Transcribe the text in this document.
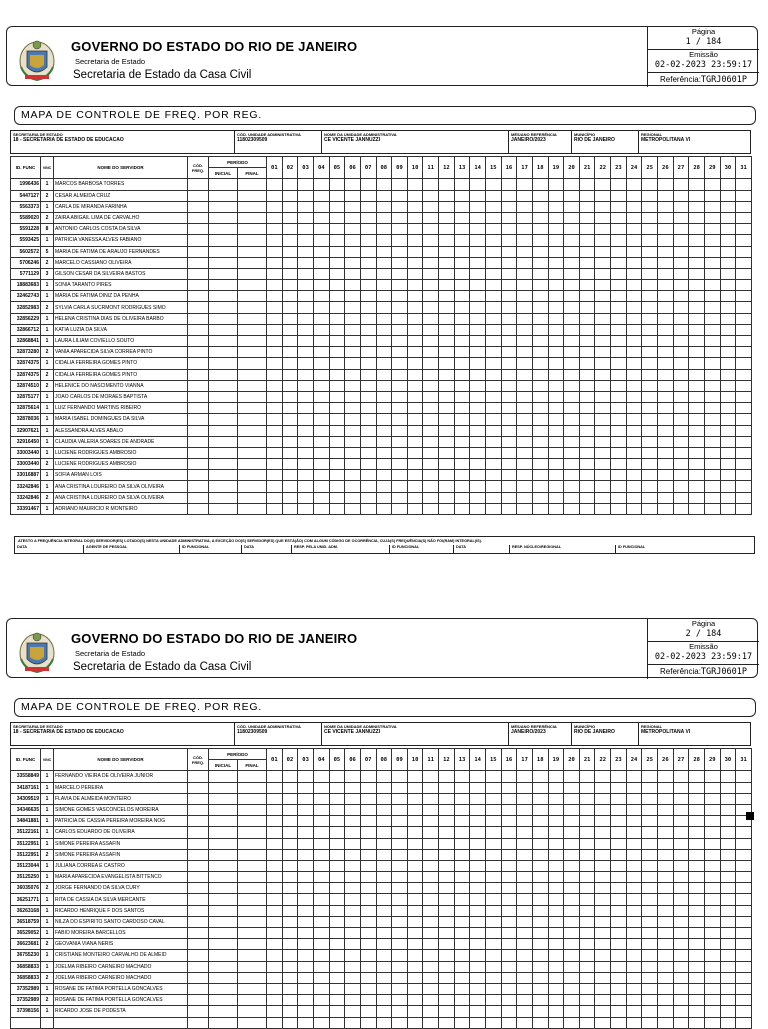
GOVERNO DO ESTADO DO RIO DE JANEIRO
Secretaria de Estado
Secretaria de Estado da Casa Civil
Página
1 / 184
Emissão
02-02-2023 23:59:17
Referência:TGRJ0601P
MAPA DE CONTROLE DE FREQ. POR REG.
SECRETARIA DE ESTADO
18 - SECRETARIA DE ESTADO DE EDUCACAO
CÓD. UNIDADE ADMINISTRATIVA
11802309509
NOME DA UNIDADE ADMINISTRATIVA
CE VICENTE JANNUZZI
MÊS/ANO REFERÊNCIA
JANEIRO/2023
MUNICÍPIO
RIO DE JANEIRO
REGIONAL
METROPOLITANA VI
ID. FUNC	VINC	NOME DO SERVIDOR	CÓD. FREQ.	PERÍODO		01	02	03	04	05	06	07	08	09	10	11	12	13	14	15	16	17	18	19	20	21	22	23	24	25	26	27	28	29	30	31
				INICIAL	FINAL																															
1996436	1	MARCOS BARBOSA TORRES																																		
5447127	2	CESAR ALMEIDA CRUZ																																		
5563373	1	CARLA DE MIRANDA FARINHA																																		
5589020	2	ZAIRA ABIGAIL LIMA DE CARVALHO																																		
5591228	8	ANTONIO CARLOS COSTA DA SILVA																																		
5593425	1	PATRICIA VANESSA ALVES FABIANO																																		
5602572	5	MARIA DE FATIMA DE ARAUJO FERNANDES																																		
5706246	2	MARCELO CASSIANO OLIVEIRA																																		
5771129	3	GILSON CESAR DA SILVEIRA BASTOS																																		
18883683	1	SONIA TARANTO PIRES																																		
32462743	1	MARIA DE FATIMA DINIZ DA PENHA																																		
32852983	2	SYLVIA CARLA SUCRMONT RODRIGUES SIMO																																		
32856229	1	HELENA CRISTINA DIAS DE OLIVEIRA BARBO																																		
32866712	1	KATIA LUZIA DA SILVA																																		
32868841	1	LAURA LILIAM COVIELLO SOUTO																																		
32873280	2	VANIA APARECIDA SILVA CORREA PINTO																																		
32874375	1	CIDALIA FERREIRA GOMES PINTO																																		
32874375	2	CIDALIA FERREIRA GOMES PINTO																																		
32874510	2	HELENICE DO NASCIMENTO VIANNA																																		
32875177	1	JOAO CARLOS DE MORAES BAPTISTA																																		
32875614	1	LUIZ FERNANDO MARTINS RIBEIRO																																		
32878036	1	MARIA ISABEL DOMINGUES DA SILVA																																		
32907621	1	ALESSANDRA ALVES ABALO																																		
32916450	1	CLAUDIA VALERIA SOARES DE ANDRADE																																		
33003440	1	LUCIENE RODRIGUES AMBROSIO																																		
33003440	2	LUCIENE RODRIGUES AMBROSIO																																		
33016887	1	SOFIA ARMAN LOIS																																		
33242846	1	ANA CRISTINA LOUREIRO DA SILVA OLIVEIRA																																		
33242846	2	ANA CRISTINA LOUREIRO DA SILVA OLIVEIRA																																		
33391467	1	ADRIANO MAURICIO R MONTEIRO																																		
ATESTO A FREQUÊNCIA INTEGRAL DO(S) SERVIDOR(ES) LOTADO(S) NESTA UNIDADE ADMINISTRATIVA, A EXCEÇÃO DO(S) SERVIDOR(ES) QUE ESTÁ(ÃO) COM ALGUM CÓDIGO DE OCORRÊNCIA, CUJA(S) FREQUÊNCIA(S) NÃO FOI(RAM) INTEGRAL(IS).
DATA	AGENTE DE PESSOAL	ID FUNCIONAL	DATA	RESP. PELA UNID. ADM.	ID FUNCIONAL	DATA	RESP. NÚCLEO/REGIONAL	ID FUNCIONAL
GOVERNO DO ESTADO DO RIO DE JANEIRO
Secretaria de Estado
Secretaria de Estado da Casa Civil
Página
2 / 184
Emissão
02-02-2023 23:59:17
Referência:TGRJ0601P
MAPA DE CONTROLE DE FREQ. POR REG.
SECRETARIA DE ESTADO
18 - SECRETARIA DE ESTADO DE EDUCACAO
CÓD. UNIDADE ADMINISTRATIVA
11802309509
NOME DA UNIDADE ADMINISTRATIVA
CE VICENTE JANNUZZI
MÊS/ANO REFERÊNCIA
JANEIRO/2023
MUNICÍPIO
RIO DE JANEIRO
REGIONAL
METROPOLITANA VI
ID. FUNC	VINC	NOME DO SERVIDOR	CÓD. FREQ.	PERÍODO		01	02	03	04	05	06	07	08	09	10	11	12	13	14	15	16	17	18	19	20	21	22	23	24	25	26	27	28	29	30	31
				INICIAL	FINAL																															
33558849	1	FERNANDO VIEIRA DE OLIVEIRA JUNIOR																																		
34187161	1	MARCELO PEREIRA																																		
34309519	1	FLAVIA DE ALMEIDA MONTEIRO																																		
34346635	1	SIMONE GOMES VASCONCELOS MOREIRA																																		
34841881	1	PATRICIA DE CASSIA PEREIRA MOREIRA NOG																																		
35122161	1	CARLOS EDUARDO DE OLIVEIRA																																		
35122951	1	SIMONE PEREIRA ASSAFIN																																		
35122951	2	SIMONE PEREIRA ASSAFIN																																		
35123044	1	JULIANA CORREA E CASTRO																																		
35125250	1	MARIA APARECIDA EVANGELISTA BITTENCO																																		
36035076	2	JORGE FERNANDO DA SILVA CURY																																		
36251771	1	RITA DE CASSIA DA SILVA MERCANTE																																		
36263168	1	RICARDO HENRIQUE F DOS SANTOS																																		
36518759	1	NILZA DO ESPIRITO SANTO CARDOSO CAVAL																																		
36529052	1	FABIO MOREIRA BARCELLOS																																		
36623681	2	GEOVANIA VIANA NERIS																																		
36755230	1	CRISTIANE MONTEIRO CARVALHO DE ALMEID																																		
36858833	1	JOELMA RIBEIRO CARNEIRO MACHADO																																		
36858833	2	JOELMA RIBEIRO CARNEIRO MACHADO																																		
37352989	1	ROSANE DE FATIMA PORTELLA GONCALVES																																		
37352989	2	ROSANE DE FATIMA PORTELLA GONCALVES																																		
37398156	1	RICARDO JOSE DE PODESTA																																		
